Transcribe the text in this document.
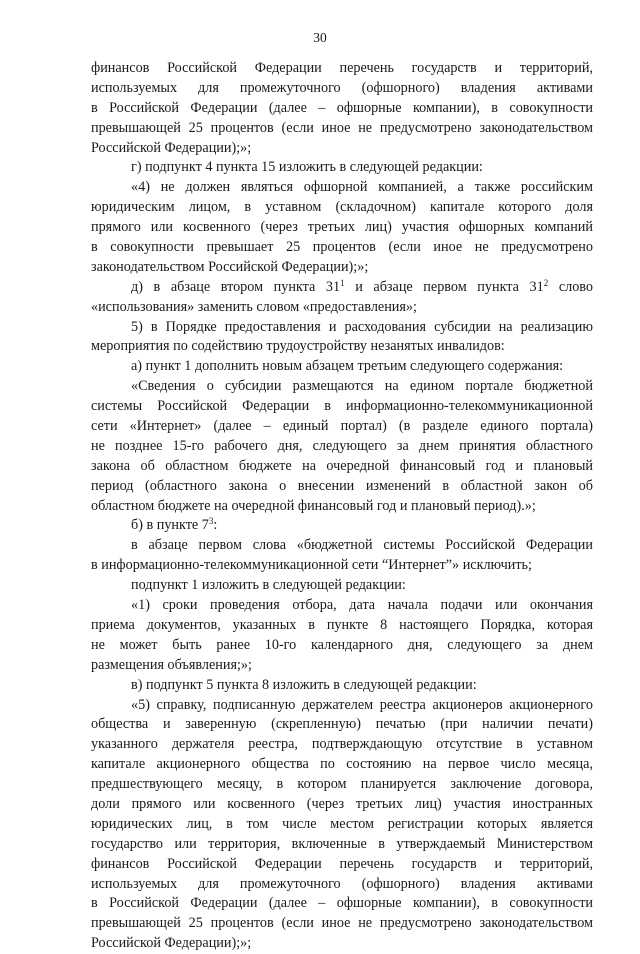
30
финансов Российской Федерации перечень государств и территорий,
используемых для промежуточного (офшорного) владения активами
в Российской Федерации (далее – офшорные компании), в совокупности
превышающей 25 процентов (если иное не предусмотрено законодательством
Российской Федерации);»;
г) подпункт 4 пункта 15 изложить в следующей редакции:
«4) не должен являться офшорной компанией, а также российским
юридическим лицом, в уставном (складочном) капитале которого доля
прямого или косвенного (через третьих лиц) участия офшорных компаний
в совокупности превышает 25 процентов (если иное не предусмотрено
законодательством Российской Федерации);»;
д) в абзаце втором пункта $31^1$ и абзаце первом пункта $31^2$ слово
«использования» заменить словом «предоставления»;
5) в Порядке предоставления и расходования субсидии на реализацию
мероприятия по содействию трудоустройству незанятых инвалидов:
а) пункт 1 дополнить новым абзацем третьим следующего содержания:
«Сведения о субсидии размещаются на едином портале бюджетной
системы Российской Федерации в информационно-телекоммуникационной
сети «Интернет» (далее – единый портал) (в разделе единого портала)
не позднее 15-го рабочего дня, следующего за днем принятия областного
закона об областном бюджете на очередной финансовый год и плановый
период (областного закона о внесении изменений в областной закон об
областном бюджете на очередной финансовый год и плановый период).»;
б) в пункте $7^3$:
в абзаце первом слова «бюджетной системы Российской Федерации
в информационно-телекоммуникационной сети “Интернет”» исключить;
подпункт 1 изложить в следующей редакции:
«1) сроки проведения отбора, дата начала подачи или окончания
приема документов, указанных в пункте 8 настоящего Порядка, которая
не может быть ранее 10-го календарного дня, следующего за днем
размещения объявления;»;
в) подпункт 5 пункта 8 изложить в следующей редакции:
«5) справку, подписанную держателем реестра акционеров акционерного
общества и заверенную (скрепленную) печатью (при наличии печати)
указанного держателя реестра, подтверждающую отсутствие в уставном
капитале акционерного общества по состоянию на первое число месяца,
предшествующего месяцу, в котором планируется заключение договора,
доли прямого или косвенного (через третьих лиц) участия иностранных
юридических лиц, в том числе местом регистрации которых является
государство или территория, включенные в утверждаемый Министерством
финансов Российской Федерации перечень государств и территорий,
используемых для промежуточного (офшорного) владения активами
в Российской Федерации (далее – офшорные компании), в совокупности
превышающей 25 процентов (если иное не предусмотрено законодательством
Российской Федерации);»;
